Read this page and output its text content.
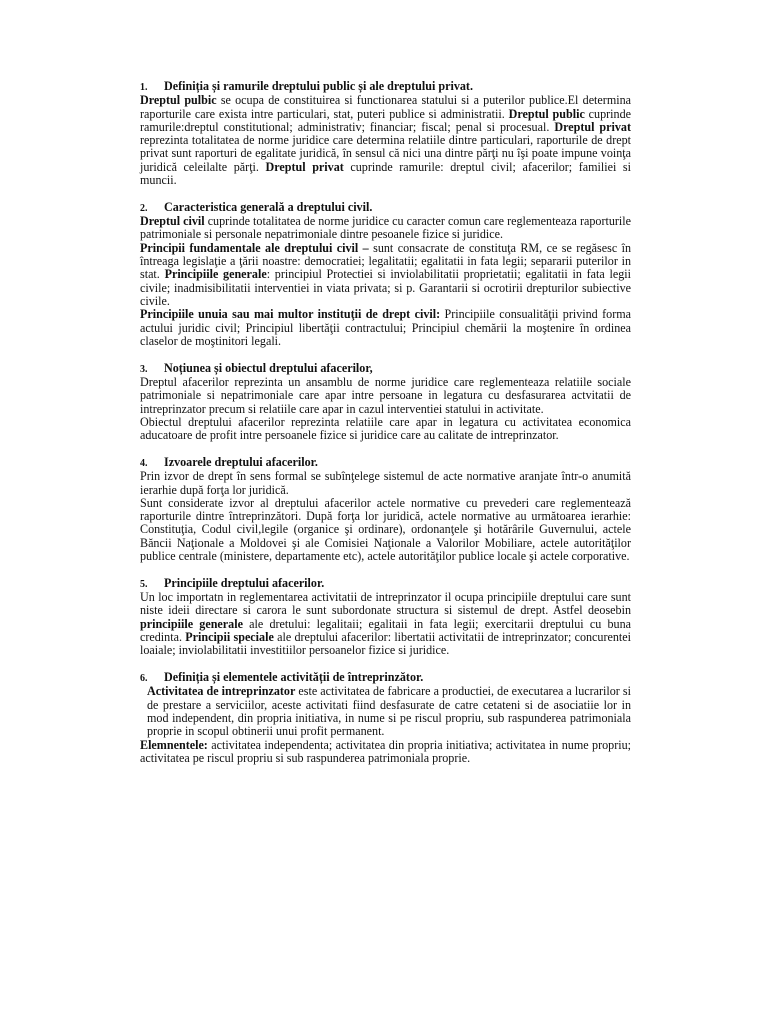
1. Definiția și ramurile dreptului public și ale dreptului privat.

Dreptul pulbic se ocupa de constituirea si functionarea statului si a puterilor publice.El determina raporturile care exista intre particulari, stat, puteri publice si administratii. Dreptul public cuprinde ramurile:dreptul constitutional; administrativ; financiar; fiscal; penal si procesual. Dreptul privat reprezinta totalitatea de norme juridice care determina relatiile dintre particulari, raporturile de drept privat sunt raporturi de egalitate juridică, în sensul că nici una dintre părţi nu îşi poate impune voinţa juridică celeilalte părţi. Dreptul privat cuprinde ramurile: dreptul civil; afacerilor; familiei si muncii.

2. Caracteristica generală a dreptului civil.

Dreptul civil cuprinde totalitatea de norme juridice cu caracter comun care reglementeaza raporturile patrimoniale si personale nepatrimoniale dintre pesoanele fizice si juridice.

Principii fundamentale ale dreptului civil – sunt consacrate de constituţa RM, ce se regăsesc în întreaga legislaţie a ţării noastre: democratiei; legalitatii; egalitatii in fata legii; separarii puterilor in stat. Principiile generale: principiul Protectiei si inviolabilitatii proprietatii; egalitatii in fata legii civile; inadmisibilitatii interventiei in viata privata; si p. Garantarii si ocrotirii drepturilor subiective civile.

Principiile unuia sau mai multor instituţii de drept civil: Principiile consualităţii privind forma actului juridic civil; Principiul libertăţii contractului; Principiul chemării la moştenire în ordinea claselor de moştinitori legali.

3. Noțiunea și obiectul dreptului afacerilor,

Dreptul afacerilor reprezinta un ansamblu de norme juridice care reglementeaza relatiile sociale patrimoniale si nepatrimoniale care apar intre persoane in legatura cu desfasurarea actvitatii de intreprinzator precum si relatiile care apar in cazul interventiei statului in activitate.

Obiectul dreptului afacerilor reprezinta relatiile care apar in legatura cu activitatea economica aducatoare de profit intre persoanele fizice si juridice care au calitate de intreprinzator.

4. Izvoarele dreptului afacerilor.

Prin izvor de drept în sens formal se subînţelege sistemul de acte normative aranjate într-o anumită ierarhie după forţa lor juridică.

Sunt considerate izvor al dreptului afacerilor actele normative cu prevederi care reglementează raporturile dintre întreprinzători. După forţa lor juridică, actele normative au următoarea ierarhie: Constituţia, Codul civil,legile (organice şi ordinare), ordonanţele şi hotărârile Guvernului, actele Băncii Naţionale a Moldovei şi ale Comisiei Naţionale a Valorilor Mobiliare, actele autorităţilor publice centrale (ministere, departamente etc), actele autorităţilor publice locale şi actele corporative.

5. Principiile dreptului afacerilor.

Un loc importatn in reglementarea activitatii de intreprinzator il ocupa principiile dreptului care sunt niste ideii directare si carora le sunt subordonate structura si sistemul de drept. Astfel deosebin principiile generale ale dretului: legalitaii; egalitaii in fata legii; exercitarii dreptului cu buna credinta. Principii speciale ale dreptului afacerilor: libertatii activitatii de intreprinzator; concurentei loaiale; inviolabilitatii investitiilor persoanelor fizice si juridice.

6. Definiția și elementele activității de întreprinzător.

Activitatea de intreprinzator este activitatea de fabricare a productiei, de executarea a lucrarilor si de prestare a serviciilor, aceste activitati fiind desfasurate de catre cetateni si de asociatiie lor in mod independent, din propria initiativa, in nume si pe riscul propriu, sub raspunderea patrimoniala proprie in scopul obtinerii unui profit permanent.

Elemnentele: activitatea independenta; activitatea din propria initiativa; activitatea in nume propriu; activitatea pe riscul propriu si sub raspunderea patrimoniala proprie.
